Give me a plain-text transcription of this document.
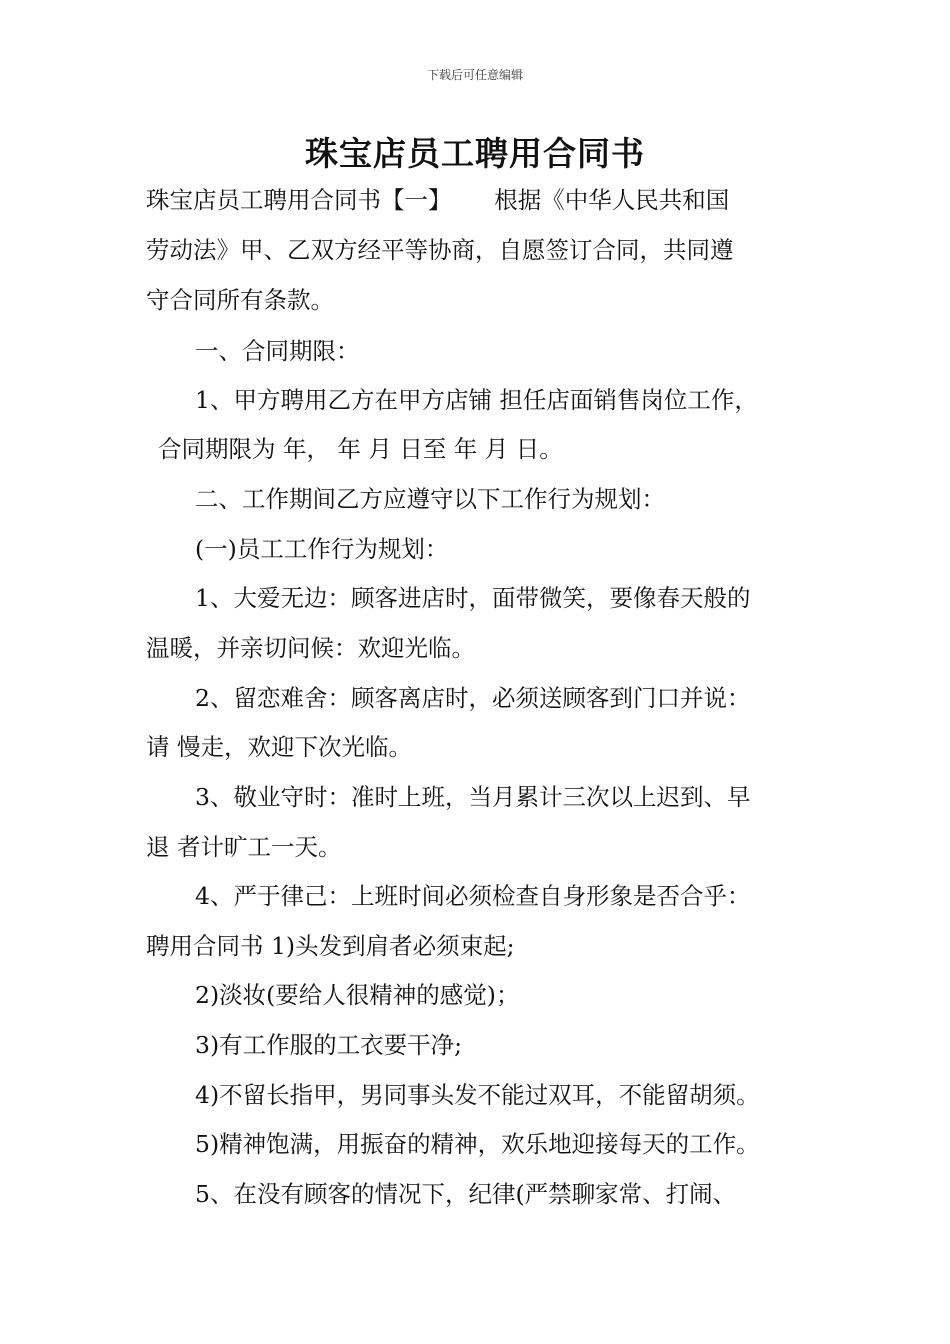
下载后可任意编辑
珠宝店员工聘用合同书
珠宝店员工聘用合同书【一】　　 根据《中华人民共和国
劳动法》甲、乙双方经平等协商，自愿签订合同，共同遵
守合同所有条款。
一、合同期限：
1、甲方聘用乙方在甲方店铺 担任店面销售岗位工作，
合同期限为 年， 年 月 日至 年 月 日。
二、工作期间乙方应遵守以下工作行为规划：
(一)员工工作行为规划：
1、大爱无边：顾客进店时，面带微笑，要像春天般的
温暖，并亲切问候：欢迎光临。
2、留恋难舍：顾客离店时，必须送顾客到门口并说：
请 慢走，欢迎下次光临。
3、敬业守时：准时上班，当月累计三次以上迟到、早
退 者计旷工一天。
4、严于律己：上班时间必须检查自身形象是否合乎：
聘用合同书 1)头发到肩者必须束起;
2)淡妆(要给人很精神的感觉)；
3)有工作服的工衣要干净;
4)不留长指甲，男同事头发不能过双耳，不能留胡须。
5)精神饱满，用振奋的精神，欢乐地迎接每天的工作。
5、在没有顾客的情况下，纪律(严禁聊家常、打闹、
